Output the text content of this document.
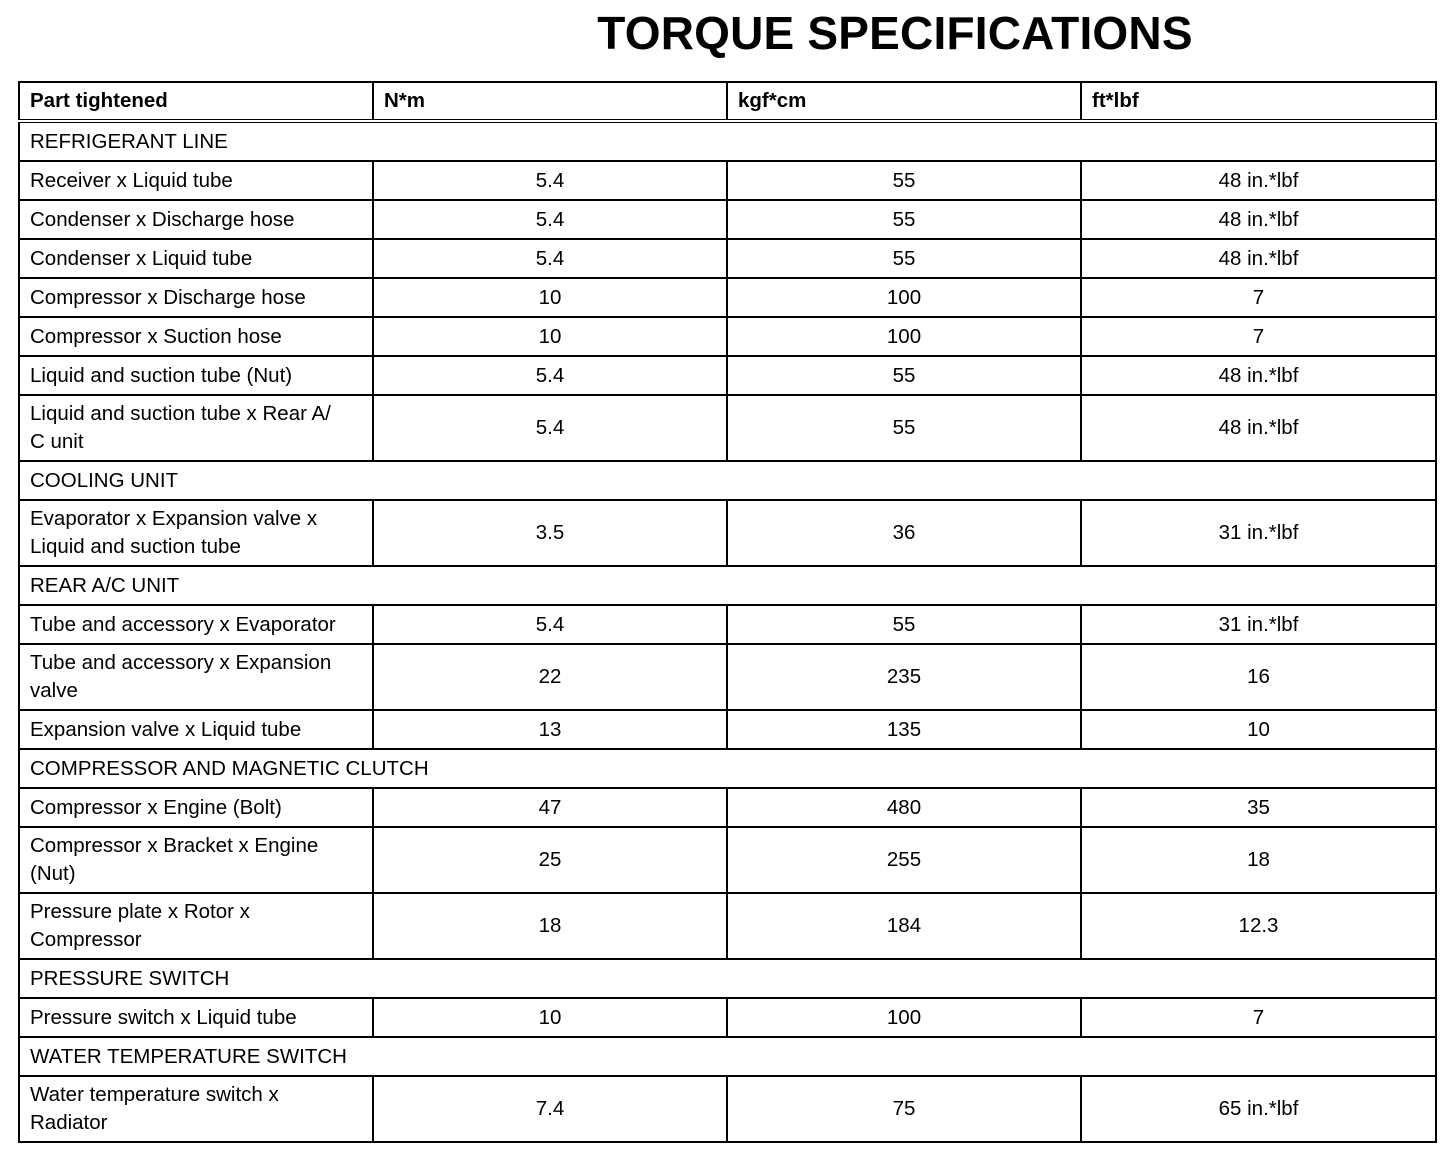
TORQUE SPECIFICATIONS
Part tightened	N*m	kgf*cm	ft*lbf
REFRIGERANT LINE			
Receiver x Liquid tube	5.4	55	48 in.*lbf
Condenser x Discharge hose	5.4	55	48 in.*lbf
Condenser x Liquid tube	5.4	55	48 in.*lbf
Compressor x Discharge hose	10	100	7
Compressor x Suction hose	10	100	7
Liquid and suction tube (Nut)	5.4	55	48 in.*lbf
Liquid and suction tube x Rear A/
C unit	5.4	55	48 in.*lbf
COOLING UNIT			
Evaporator x Expansion valve x
Liquid and suction tube	3.5	36	31 in.*lbf
REAR A/C UNIT			
Tube and accessory x Evaporator	5.4	55	31 in.*lbf
Tube and accessory x Expansion
valve	22	235	16
Expansion valve x Liquid tube	13	135	10
COMPRESSOR AND MAGNETIC CLUTCH			
Compressor x Engine (Bolt)	47	480	35
Compressor x Bracket x Engine
(Nut)	25	255	18
Pressure plate x Rotor x
Compressor	18	184	12.3
PRESSURE SWITCH			
Pressure switch x Liquid tube	10	100	7
WATER TEMPERATURE SWITCH			
Water temperature switch x
Radiator	7.4	75	65 in.*lbf
